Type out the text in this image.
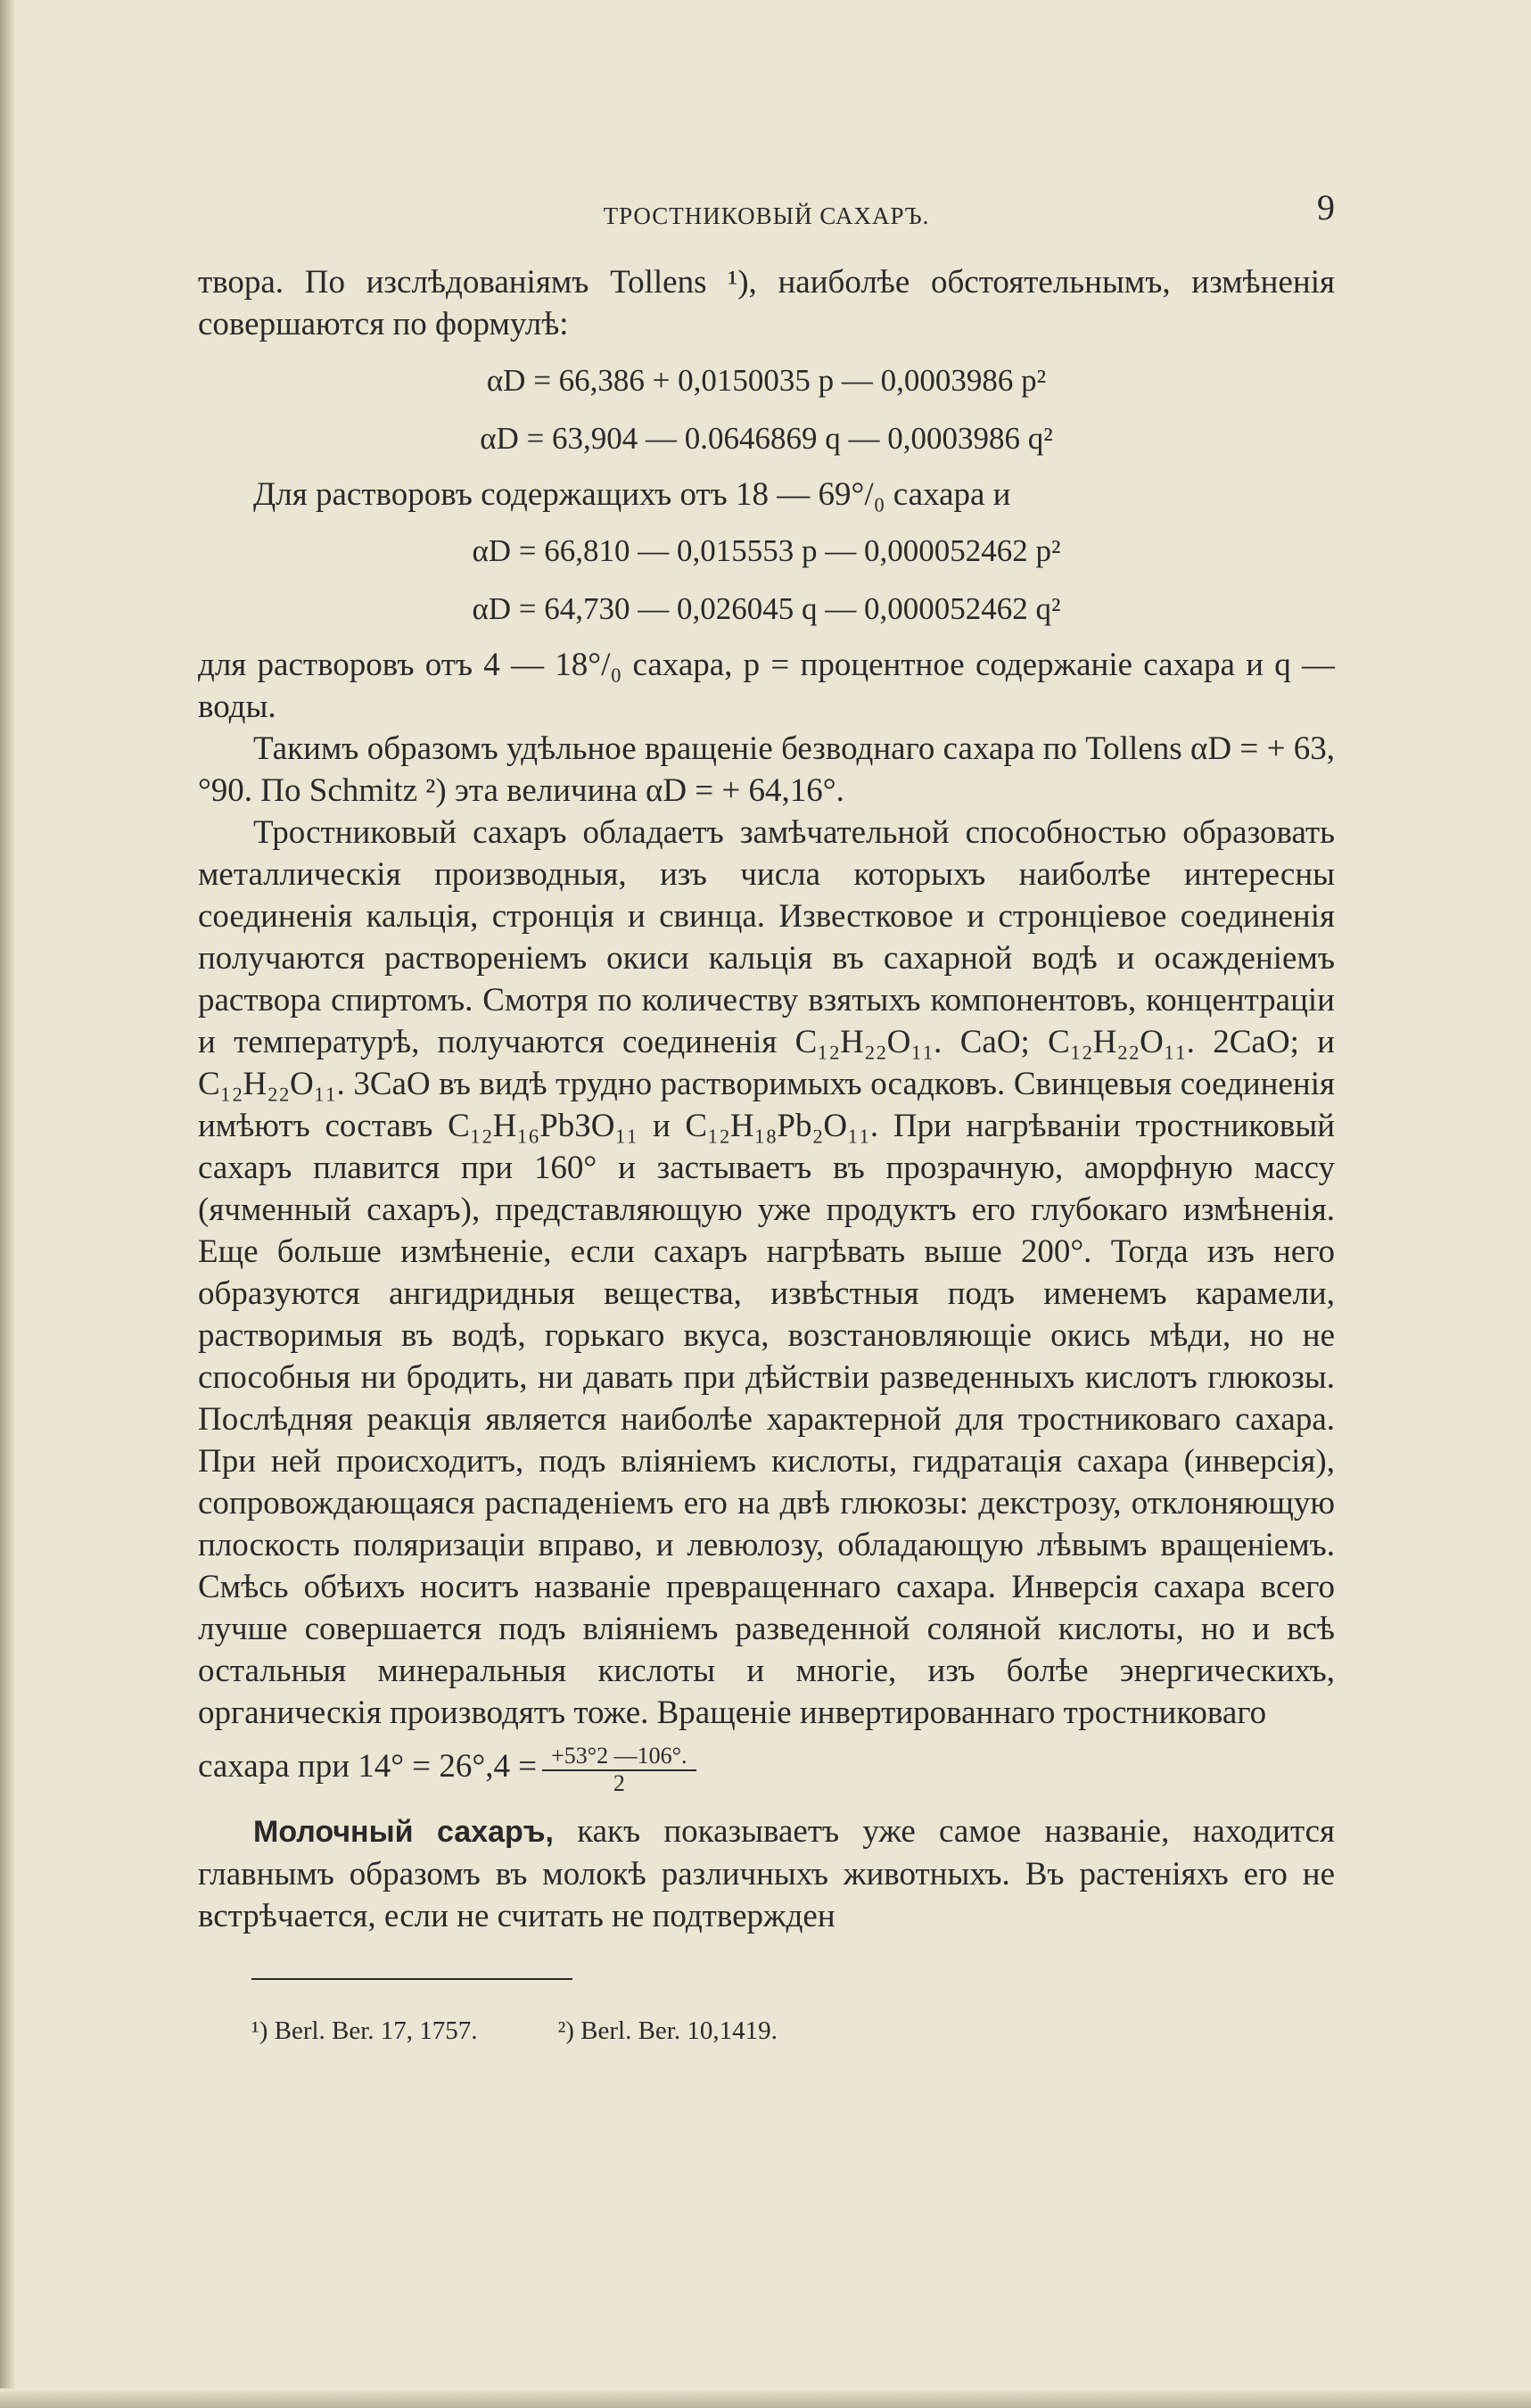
ТРОСТНИКОВЫЙ САХАРЪ.	9

твора. По изслѣдованіямъ Tollens ¹), наиболѣе обстоятельнымъ, измѣненія совершаются по формулѣ:

αD = 66,386 + 0,0150035 p — 0,0003986 p²
αD = 63,904 — 0.0646869 q — 0,0003986 q²

Для растворовъ содержащихъ отъ 18 — 69°/₀ сахара и

αD = 66,810 — 0,015553 p — 0,000052462 p²
αD = 64,730 — 0,026045 q — 0,000052462 q²

для растворовъ отъ 4 — 18°/₀ сахара, p = процентное содержаніе сахара и q — воды.

Такимъ образомъ удѣльное вращеніе безводнаго сахара по Tollens αD = + 63,°90. По Schmitz ²) эта величина αD = + 64,16°.

Тростниковый сахаръ обладаетъ замѣчательной способностью образовать металлическія производныя, изъ числа которыхъ наиболѣе интересны соединенія кальція, стронція и свинца. Известковое и стронціевое соединенія получаются раствореніемъ окиси кальція въ сахарной водѣ и осажденіемъ раствора спиртомъ. Смотря по количеству взятыхъ компонентовъ, концентраціи и температурѣ, получаются соединенія C₁₂H₂₂O₁₁. CaO; C₁₂H₂₂O₁₁. 2CaO; и C₁₂H₂₂O₁₁. 3CaO въ видѣ трудно растворимыхъ осадковъ. Свинцевыя соединенія имѣютъ составъ C₁₂H₁₆PbЗO₁₁ и C₁₂H₁₈Pb₂O₁₁. При нагрѣваніи тростниковый сахаръ плавится при 160° и застываетъ въ прозрачную, аморфную массу (ячменный сахаръ), представляющую уже продуктъ его глубокаго измѣненія. Еще больше измѣненіе, если сахаръ нагрѣвать выше 200°. Тогда изъ него образуются ангидридныя вещества, извѣстныя подъ именемъ карамели, растворимыя въ водѣ, горькаго вкуса, возстановляющіе окись мѣди, но не способныя ни бродить, ни давать при дѣйствіи разведенныхъ кислотъ глюкозы. Послѣдняя реакція является наиболѣе характерной для тростниковаго сахара. При ней происходитъ, подъ вліяніемъ кислоты, гидратація сахара (инверсія), сопровождающаяся распаденіемъ его на двѣ глюкозы: декстрозу, отклоняющую плоскость поляризаціи вправо, и левюлозу, обладающую лѣвымъ вращеніемъ. Смѣсь обѣихъ носитъ названіе превращеннаго сахара. Инверсія сахара всего лучше совершается подъ вліяніемъ разведенной соляной кислоты, но и всѣ остальныя минеральныя кислоты и многіе, изъ болѣе энергическихъ, органическія производятъ тоже. Вращеніе инвертированнаго тростниковаго

сахара при $14^\circ = 26^\circ,4 = \frac{+53^\circ 2 —106^\circ.}{2}$

Молочный сахаръ, какъ показываетъ уже самое названіе, находится главнымъ образомъ въ молокѣ различныхъ животныхъ. Въ растеніяхъ его не встрѣчается, если не считать не подтвержден

¹) Berl. Ber. 17, 1757.	²) Berl. Ber. 10,1419.
